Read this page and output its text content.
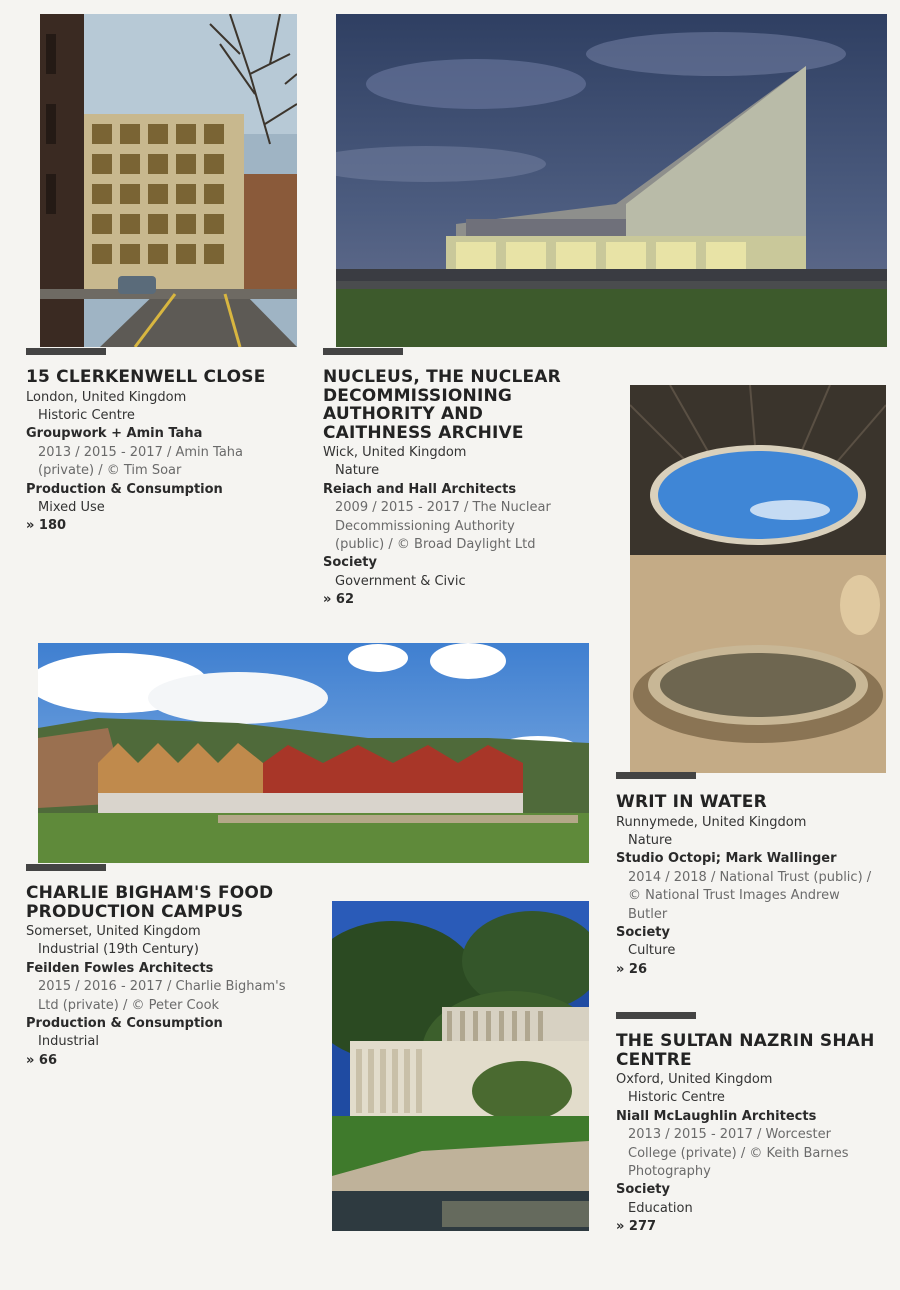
15 CLERKENWELL CLOSE
London, United Kingdom
Historic Centre
Groupwork + Amin Taha
2013 / 2015 - 2017 / Amin Taha
(private) / © Tim Soar
Production & Consumption
Mixed Use
» 180
NUCLEUS, THE NUCLEAR
DECOMMISSIONING
AUTHORITY AND
CAITHNESS ARCHIVE
Wick, United Kingdom
Nature
Reiach and Hall Architects
2009 / 2015 - 2017 / The Nuclear
Decommissioning Authority
(public) / © Broad Daylight Ltd
Society
Government & Civic
» 62
WRIT IN WATER
Runnymede, United Kingdom
Nature
Studio Octopi; Mark Wallinger
2014 / 2018 / National Trust (public) /
© National Trust Images Andrew
Butler
Society
Culture
» 26
CHARLIE BIGHAM'S FOOD
PRODUCTION CAMPUS
Somerset, United Kingdom
Industrial (19th Century)
Feilden Fowles Architects
2015 / 2016 - 2017 / Charlie Bigham's
Ltd (private) / © Peter Cook
Production & Consumption
Industrial
» 66
THE SULTAN NAZRIN SHAH
CENTRE
Oxford, United Kingdom
Historic Centre
Niall McLaughlin Architects
2013 / 2015 - 2017 / Worcester
College (private) / © Keith Barnes
Photography
Society
Education
» 277
